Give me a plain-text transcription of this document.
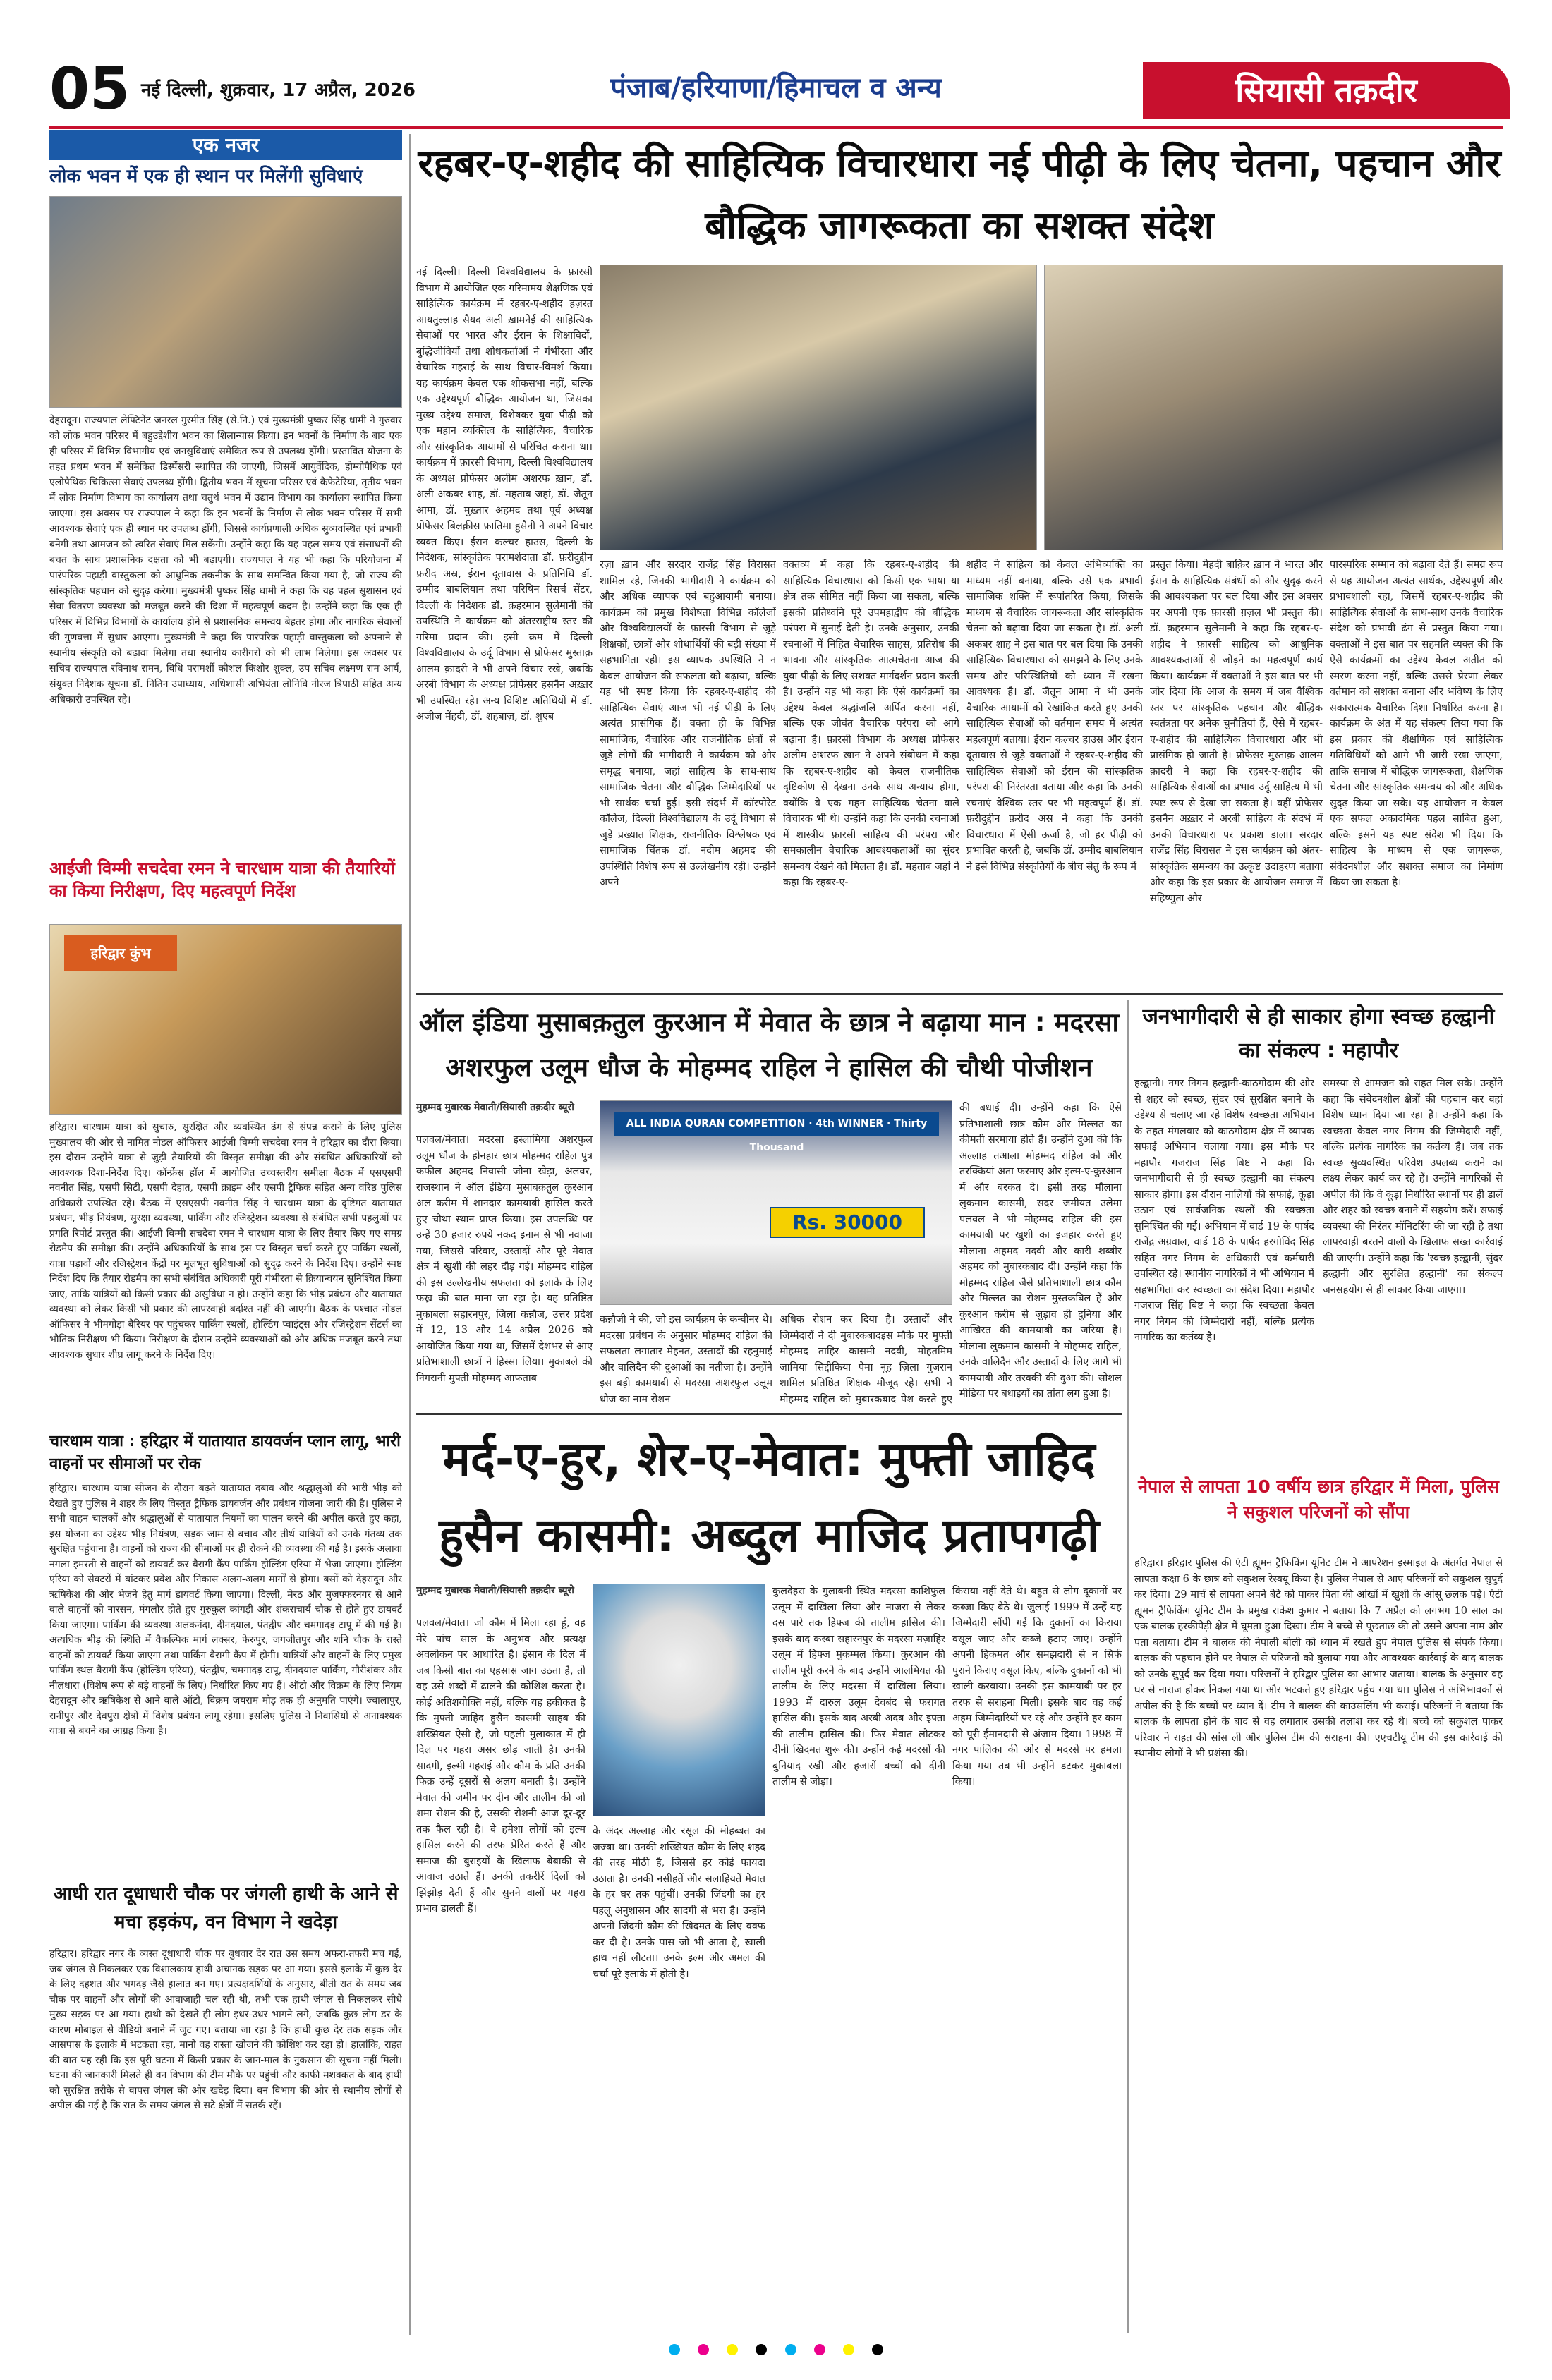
05 नई दिल्ली, शुक्रवार, 17 अप्रैल, 2026	पंजाब/हरियाणा/हिमाचल व अन्य	सियासी तक़दीर
एक नजर
लोक भवन में एक ही स्थान पर मिलेंगी सुविधाएं
देहरादून। राज्यपाल लेफ्टिनेंट जनरल गुरमीत सिंह (से.नि.) एवं मुख्यमंत्री पुष्कर सिंह धामी ने गुरुवार को लोक भवन परिसर में बहुउद्देशीय भवन का शिलान्यास किया। इन भवनों के निर्माण के बाद एक ही परिसर में विभिन्न विभागीय एवं जनसुविधाएं समेकित रूप से उपलब्ध होंगी। प्रस्तावित योजना के तहत प्रथम भवन में समेकित डिस्पेंसरी स्थापित की जाएगी, जिसमें आयुर्वेदिक, होम्योपैथिक एवं एलोपैथिक चिकित्सा सेवाएं उपलब्ध होंगी। द्वितीय भवन में सूचना परिसर एवं कैफेटेरिया, तृतीय भवन में लोक निर्माण विभाग का कार्यालय तथा चतुर्थ भवन में उद्यान विभाग का कार्यालय स्थापित किया जाएगा। इस अवसर पर राज्यपाल ने कहा कि इन भवनों के निर्माण से लोक भवन परिसर में सभी आवश्यक सेवाएं एक ही स्थान पर उपलब्ध होंगी, जिससे कार्यप्रणाली अधिक सुव्यवस्थित एवं प्रभावी बनेगी तथा आमजन को त्वरित सेवाएं मिल सकेंगी। उन्होंने कहा कि यह पहल समय एवं संसाधनों की बचत के साथ प्रशासनिक दक्षता को भी बढ़ाएगी। राज्यपाल ने यह भी कहा कि परियोजना में पारंपरिक पहाड़ी वास्तुकला को आधुनिक तकनीक के साथ समन्वित किया गया है, जो राज्य की सांस्कृतिक पहचान को सुदृढ़ करेगा। मुख्यमंत्री पुष्कर सिंह धामी ने कहा कि यह पहल सुशासन एवं सेवा वितरण व्यवस्था को मजबूत करने की दिशा में महत्वपूर्ण कदम है। उन्होंने कहा कि एक ही परिसर में विभिन्न विभागों के कार्यालय होने से प्रशासनिक समन्वय बेहतर होगा और नागरिक सेवाओं की गुणवत्ता में सुधार आएगा। मुख्यमंत्री ने कहा कि पारंपरिक पहाड़ी वास्तुकला को अपनाने से स्थानीय संस्कृति को बढ़ावा मिलेगा तथा स्थानीय कारीगरों को भी लाभ मिलेगा। इस अवसर पर सचिव राज्यपाल रविनाथ रामन, विधि परामर्शी कौशल किशोर शुक्ल, उप सचिव लक्ष्मण राम आर्य, संयुक्त निदेशक सूचना डॉ. नितिन उपाध्याय, अधिशासी अभियंता लोनिवि नीरज त्रिपाठी सहित अन्य अधिकारी उपस्थित रहे।
आईजी विम्मी सचदेवा रमन ने चारधाम यात्रा की तैयारियों का किया निरीक्षण, दिए महत्वपूर्ण निर्देश
हरिद्वार कुंभ
हरिद्वार। चारधाम यात्रा को सुचारु, सुरक्षित और व्यवस्थित ढंग से संपन्न कराने के लिए पुलिस मुख्यालय की ओर से नामित नोडल ऑफिसर आईजी विम्मी सचदेवा रमन ने हरिद्वार का दौरा किया। इस दौरान उन्होंने यात्रा से जुड़ी तैयारियों की विस्तृत समीक्षा की और संबंधित अधिकारियों को आवश्यक दिशा-निर्देश दिए। कॉन्फ्रेंस हॉल में आयोजित उच्चस्तरीय समीक्षा बैठक में एसएसपी नवनीत सिंह, एसपी सिटी, एसपी देहात, एसपी क्राइम और एसपी ट्रैफिक सहित अन्य वरिष्ठ पुलिस अधिकारी उपस्थित रहे। बैठक में एसएसपी नवनीत सिंह ने चारधाम यात्रा के दृष्टिगत यातायात प्रबंधन, भीड़ नियंत्रण, सुरक्षा व्यवस्था, पार्किंग और रजिस्ट्रेशन व्यवस्था से संबंधित सभी पहलुओं पर प्रगति रिपोर्ट प्रस्तुत की। आईजी विम्मी सचदेवा रमन ने चारधाम यात्रा के लिए तैयार किए गए समग्र रोडमैप की समीक्षा की। उन्होंने अधिकारियों के साथ इस पर विस्तृत चर्चा करते हुए पार्किंग स्थलों, यात्रा पड़ावों और रजिस्ट्रेशन केंद्रों पर मूलभूत सुविधाओं को सुदृढ़ करने के निर्देश दिए। उन्होंने स्पष्ट निर्देश दिए कि तैयार रोडमैप का सभी संबंधित अधिकारी पूरी गंभीरता से क्रियान्वयन सुनिश्चित किया जाए, ताकि यात्रियों को किसी प्रकार की असुविधा न हो। उन्होंने कहा कि भीड़ प्रबंधन और यातायात व्यवस्था को लेकर किसी भी प्रकार की लापरवाही बर्दाश्त नहीं की जाएगी। बैठक के पश्चात नोडल ऑफिसर ने भीमगोड़ा बैरियर पर पहुंचकर पार्किंग स्थलों, होल्डिंग प्वाइंट्स और रजिस्ट्रेशन सेंटर्स का भौतिक निरीक्षण भी किया। निरीक्षण के दौरान उन्होंने व्यवस्थाओं को और अधिक मजबूत करने तथा आवश्यक सुधार शीघ्र लागू करने के निर्देश दिए।
चारधाम यात्रा : हरिद्वार में यातायात डायवर्जन प्लान लागू, भारी वाहनों पर सीमाओं पर रोक
हरिद्वार। चारधाम यात्रा सीजन के दौरान बढ़ते यातायात दबाव और श्रद्धालुओं की भारी भीड़ को देखते हुए पुलिस ने शहर के लिए विस्तृत ट्रैफिक डायवर्जन और प्रबंधन योजना जारी की है। पुलिस ने सभी वाहन चालकों और श्रद्धालुओं से यातायात नियमों का पालन करने की अपील करते हुए कहा, इस योजना का उद्देश्य भीड़ नियंत्रण, सड़क जाम से बचाव और तीर्थ यात्रियों को उनके गंतव्य तक सुरक्षित पहुंचाना है। वाहनों को राज्य की सीमाओं पर ही रोकने की व्यवस्था की गई है। इसके अलावा नगला इमरती से वाहनों को डायवर्ट कर बैरागी कैंप पार्किंग होल्डिंग एरिया में भेजा जाएगा। होल्डिंग एरिया को सेक्टरों में बांटकर प्रवेश और निकास अलग-अलग मार्गों से होगा। बसों को देहरादून और ऋषिकेश की ओर भेजने हेतु मार्ग डायवर्ट किया जाएगा। दिल्ली, मेरठ और मुजफ्फरनगर से आने वाले वाहनों को नारसन, मंगलौर होते हुए गुरुकुल कांगड़ी और शंकराचार्य चौक से होते हुए डायवर्ट किया जाएगा। पार्किंग की व्यवस्था अलकनंदा, दीनदयाल, पंतद्वीप और चमगादड़ टापू में की गई है। अत्यधिक भीड़ की स्थिति में वैकल्पिक मार्ग लक्सर, फेरुपुर, जगजीतपुर और शनि चौक के रास्ते वाहनों को डायवर्ट किया जाएगा तथा पार्किंग बैरागी कैंप में होगी। यात्रियों और वाहनों के लिए प्रमुख पार्किंग स्थल बैरागी कैंप (होल्डिंग एरिया), पंतद्वीप, चमगादड़ टापू, दीनदयाल पार्किंग, गौरीशंकर और नीलधारा (विशेष रूप से बड़े वाहनों के लिए) निर्धारित किए गए हैं। ऑटो और विक्रम के लिए नियम देहरादून और ऋषिकेश से आने वाले ऑटो, विक्रम जयराम मोड़ तक ही अनुमति पाएंगे। ज्वालापुर, रानीपुर और देवपुरा क्षेत्रों में विशेष प्रबंधन लागू रहेगा। इसलिए पुलिस ने निवासियों से अनावश्यक यात्रा से बचने का आग्रह किया है।
आधी रात दूधाधारी चौक पर जंगली हाथी के आने से मचा हड़कंप, वन विभाग ने खदेड़ा
हरिद्वार। हरिद्वार नगर के व्यस्त दूधाधारी चौक पर बुधवार देर रात उस समय अफरा-तफरी मच गई, जब जंगल से निकलकर एक विशालकाय हाथी अचानक सड़क पर आ गया। इससे इलाके में कुछ देर के लिए दहशत और भगदड़ जैसे हालात बन गए। प्रत्यक्षदर्शियों के अनुसार, बीती रात के समय जब चौक पर वाहनों और लोगों की आवाजाही चल रही थी, तभी एक हाथी जंगल से निकलकर सीधे मुख्य सड़क पर आ गया। हाथी को देखते ही लोग इधर-उधर भागने लगे, जबकि कुछ लोग डर के कारण मोबाइल से वीडियो बनाने में जुट गए। बताया जा रहा है कि हाथी कुछ देर तक सड़क और आसपास के इलाके में भटकता रहा, मानो वह रास्ता खोजने की कोशिश कर रहा हो। हालांकि, राहत की बात यह रही कि इस पूरी घटना में किसी प्रकार के जान-माल के नुकसान की सूचना नहीं मिली। घटना की जानकारी मिलते ही वन विभाग की टीम मौके पर पहुंची और काफी मशक्कत के बाद हाथी को सुरक्षित तरीके से वापस जंगल की ओर खदेड़ दिया। वन विभाग की ओर से स्थानीय लोगों से अपील की गई है कि रात के समय जंगल से सटे क्षेत्रों में सतर्क रहें।
रहबर-ए-शहीद की साहित्यिक विचारधारा नई पीढ़ी के लिए चेतना, पहचान और बौद्धिक जागरूकता का सशक्त संदेश
नई दिल्ली। दिल्ली विश्वविद्यालय के फ़ारसी विभाग में आयोजित एक गरिमामय शैक्षणिक एवं साहित्यिक कार्यक्रम में रहबर-ए-शहीद हज़रत आयतुल्लाह सैयद अली ख़ामनेई की साहित्यिक सेवाओं पर भारत और ईरान के शिक्षाविदों, बुद्धिजीवियों तथा शोधकर्ताओं ने गंभीरता और वैचारिक गहराई के साथ विचार-विमर्श किया। यह कार्यक्रम केवल एक शोकसभा नहीं, बल्कि एक उद्देश्यपूर्ण बौद्धिक आयोजन था, जिसका मुख्य उद्देश्य समाज, विशेषकर युवा पीढ़ी को एक महान व्यक्तित्व के साहित्यिक, वैचारिक और सांस्कृतिक आयामों से परिचित कराना था। कार्यक्रम में फ़ारसी विभाग, दिल्ली विश्वविद्यालय के अध्यक्ष प्रोफेसर अलीम अशरफ ख़ान, डॉ. अली अकबर शाह, डॉ. महताब जहां, डॉ. जैतून आमा, डॉ. मुख़्तार अहमद तथा पूर्व अध्यक्ष प्रोफेसर बिलक़ीस फ़ातिमा हुसैनी ने अपने विचार व्यक्त किए। ईरान कल्चर हाउस, दिल्ली के निदेशक, सांस्कृतिक परामर्शदाता डॉ. फ़रीदुद्दीन फ़रीद अस्र, ईरान दूतावास के प्रतिनिधि डॉ. उम्मीद बाबलियान तथा परिषिन रिसर्च सेंटर, दिल्ली के निदेशक डॉ. क़हरमान सुलेमानी की उपस्थिति ने कार्यक्रम को अंतरराष्ट्रीय स्तर की गरिमा प्रदान की। इसी क्रम में दिल्ली विश्वविद्यालय के उर्दू विभाग से प्रोफेसर मुस्ताक़ आलम क़ादरी ने भी अपने विचार रखे, जबकि अरबी विभाग के अध्यक्ष प्रोफेसर हसनैन अख़्तर भी उपस्थित रहे। अन्य विशिष्ट अतिथियों में डॉ. अजीज़ मेंहदी, डॉ. शहबाज़, डॉ. शुएब
रज़ा ख़ान और सरदार राजेंद्र सिंह विरासत शामिल रहे, जिनकी भागीदारी ने कार्यक्रम को और अधिक व्यापक एवं बहुआयामी बनाया। कार्यक्रम को प्रमुख विशेषता विभिन्न कॉलेजों और विश्वविद्यालयों के फ़ारसी विभाग से जुड़े शिक्षकों, छात्रों और शोधार्थियों की बड़ी संख्या में सहभागिता रही। इस व्यापक उपस्थिति ने न केवल आयोजन की सफलता को बढ़ाया, बल्कि यह भी स्पष्ट किया कि रहबर-ए-शहीद की साहित्यिक सेवाएं आज भी नई पीढ़ी के लिए अत्यंत प्रासंगिक हैं। वक्ता ही के विभिन्न सामाजिक, वैचारिक और राजनीतिक क्षेत्रों से जुड़े लोगों की भागीदारी ने कार्यक्रम को और समृद्ध बनाया, जहां साहित्य के साथ-साथ सामाजिक चेतना और बौद्धिक जिम्मेदारियों पर भी सार्थक चर्चा हुई। इसी संदर्भ में कॉरपोरेट कॉलेज, दिल्ली विश्वविद्यालय के उर्दू विभाग से जुड़े प्रख्यात शिक्षक, राजनीतिक विश्लेषक एवं सामाजिक चिंतक डॉ. नदीम अहमद की उपस्थिति विशेष रूप से उल्लेखनीय रही। उन्होंने अपने
वक्तव्य में कहा कि रहबर-ए-शहीद की साहित्यिक विचारधारा को किसी एक भाषा या क्षेत्र तक सीमित नहीं किया जा सकता, बल्कि इसकी प्रतिध्वनि पूरे उपमहाद्वीप की बौद्धिक परंपरा में सुनाई देती है। उनके अनुसार, उनकी रचनाओं में निहित वैचारिक साहस, प्रतिरोध की भावना और सांस्कृतिक आत्मचेतना आज की युवा पीढ़ी के लिए सशक्त मार्गदर्शन प्रदान करती है। उन्होंने यह भी कहा कि ऐसे कार्यक्रमों का उद्देश्य केवल श्रद्धांजलि अर्पित करना नहीं, बल्कि एक जीवंत वैचारिक परंपरा को आगे बढ़ाना है। फ़ारसी विभाग के अध्यक्ष प्रोफेसर अलीम अशरफ ख़ान ने अपने संबोधन में कहा कि रहबर-ए-शहीद को केवल राजनीतिक दृष्टिकोण से देखना उनके साथ अन्याय होगा, क्योंकि वे एक गहन साहित्यिक चेतना वाले विचारक भी थे। उन्होंने कहा कि उनकी रचनाओं में शास्त्रीय फ़ारसी साहित्य की परंपरा और समकालीन वैचारिक आवश्यकताओं का सुंदर समन्वय देखने को मिलता है। डॉ. महताब जहां ने कहा कि रहबर-ए-
शहीद ने साहित्य को केवल अभिव्यक्ति का माध्यम नहीं बनाया, बल्कि उसे एक प्रभावी सामाजिक शक्ति में रूपांतरित किया, जिसके माध्यम से वैचारिक जागरूकता और सांस्कृतिक चेतना को बढ़ावा दिया जा सकता है। डॉ. अली अकबर शाह ने इस बात पर बल दिया कि उनकी साहित्यिक विचारधारा को समझने के लिए उनके समय और परिस्थितियों को ध्यान में रखना आवश्यक है। डॉ. जैतून आमा ने भी उनके वैचारिक आयामों को रेखांकित करते हुए उनकी साहित्यिक सेवाओं को वर्तमान समय में अत्यंत महत्वपूर्ण बताया। ईरान कल्चर हाउस और ईरान दूतावास से जुड़े वक्ताओं ने रहबर-ए-शहीद की साहित्यिक सेवाओं को ईरान की सांस्कृतिक परंपरा की निरंतरता बताया और कहा कि उनकी रचनाएं वैश्विक स्तर पर भी महत्वपूर्ण हैं। डॉ. फ़रीदुद्दीन फ़रीद अस्र ने कहा कि उनकी विचारधारा में ऐसी ऊर्जा है, जो हर पीढ़ी को प्रभावित करती है, जबकि डॉ. उम्मीद बाबलियान ने इसे विभिन्न संस्कृतियों के बीच सेतु के रूप में
प्रस्तुत किया। मेहदी बाक़िर ख़ान ने भारत और ईरान के साहित्यिक संबंधों को और सुदृढ़ करने की आवश्यकता पर बल दिया और इस अवसर पर अपनी एक फ़ारसी ग़ज़ल भी प्रस्तुत की। डॉ. क़हरमान सुलेमानी ने कहा कि रहबर-ए-शहीद ने फ़ारसी साहित्य को आधुनिक आवश्यकताओं से जोड़ने का महत्वपूर्ण कार्य किया। कार्यक्रम में वक्ताओं ने इस बात पर भी जोर दिया कि आज के समय में जब वैश्विक स्तर पर सांस्कृतिक पहचान और बौद्धिक स्वतंत्रता पर अनेक चुनौतियां हैं, ऐसे में रहबर-ए-शहीद की साहित्यिक विचारधारा और भी प्रासंगिक हो जाती है। प्रोफेसर मुस्ताक़ आलम क़ादरी ने कहा कि रहबर-ए-शहीद की साहित्यिक सेवाओं का प्रभाव उर्दू साहित्य में भी स्पष्ट रूप से देखा जा सकता है। वहीं प्रोफेसर हसनैन अख़्तर ने अरबी साहित्य के संदर्भ में उनकी विचारधारा पर प्रकाश डाला। सरदार राजेंद्र सिंह विरासत ने इस कार्यक्रम को अंतर-सांस्कृतिक समन्वय का उत्कृष्ट उदाहरण बताया और कहा कि इस प्रकार के आयोजन समाज में सहिष्णुता और
पारस्परिक सम्मान को बढ़ावा देते हैं। समग्र रूप से यह आयोजन अत्यंत सार्थक, उद्देश्यपूर्ण और प्रभावशाली रहा, जिसमें रहबर-ए-शहीद की साहित्यिक सेवाओं के साथ-साथ उनके वैचारिक संदेश को प्रभावी ढंग से प्रस्तुत किया गया। वक्ताओं ने इस बात पर सहमति व्यक्त की कि ऐसे कार्यक्रमों का उद्देश्य केवल अतीत को स्मरण करना नहीं, बल्कि उससे प्रेरणा लेकर वर्तमान को सशक्त बनाना और भविष्य के लिए सकारात्मक वैचारिक दिशा निर्धारित करना है। कार्यक्रम के अंत में यह संकल्प लिया गया कि इस प्रकार की शैक्षणिक एवं साहित्यिक गतिविधियों को आगे भी जारी रखा जाएगा, ताकि समाज में बौद्धिक जागरूकता, शैक्षणिक चेतना और सांस्कृतिक समन्वय को और अधिक सुदृढ़ किया जा सके। यह आयोजन न केवल एक सफल अकादमिक पहल साबित हुआ, बल्कि इसने यह स्पष्ट संदेश भी दिया कि साहित्य के माध्यम से एक जागरूक, संवेदनशील और सशक्त समाज का निर्माण किया जा सकता है।
ऑल इंडिया मुसाबक़तुल कुरआन में मेवात के छात्र ने बढ़ाया मान : मदरसा अशरफुल उलूम धौज के मोहम्मद राहिल ने हासिल की चौथी पोजीशन
मुहम्मद मुबारक मेवाती/सियासी तक़दीर ब्यूरो
पलवल/मेवात। मदरसा इस्लामिया अशरफुल उलूम धौज के होनहार छात्र मोहम्मद राहिल पुत्र कफील अहमद निवासी जोना खेड़ा, अलवर, राजस्थान ने ऑल इंडिया मुसाबक़तुल क़ुरआन अल करीम में शानदार कामयाबी हासिल करते हुए चौथा स्थान प्राप्त किया। इस उपलब्धि पर उन्हें 30 हजार रुपये नकद इनाम से भी नवाजा गया, जिससे परिवार, उस्तादों और पूरे मेवात क्षेत्र में खुशी की लहर दौड़ गई। मोहम्मद राहिल की इस उल्लेखनीय सफलता को इलाके के लिए फख्र की बात माना जा रहा है। यह प्रतिष्ठित मुकाबला सहारनपुर, जिला कन्नौज, उत्तर प्रदेश में 12, 13 और 14 अप्रैल 2026 को आयोजित किया गया था, जिसमें देशभर से आए प्रतिभाशाली छात्रों ने हिस्सा लिया। मुकाबले की निगरानी मुफ्ती मोहम्मद आफताब
ALL INDIA QURAN COMPETITION · 4th WINNER · Thirty Thousand
Rs. 30000
कन्नौजी ने की, जो इस कार्यक्रम के कन्वीनर थे। मदरसा प्रबंधन के अनुसार मोहम्मद राहिल की सफलता लगातार मेहनत, उस्तादों की रहनुमाई और वालिदैन की दुआओं का नतीजा है। उन्होंने इस बड़ी कामयाबी से मदरसा अशरफुल उलूम धौज का नाम रोशन
अधिक रोशन कर दिया है। उस्तादों और जिम्मेदारों ने दी मुबारकबादइस मौके पर मुफ्ती मोहम्मद ताहिर कासमी नदवी, मोहतमिम जामिया सिद्दीकिया पेमा नूह ज़िला गुजरान शामिल प्रतिष्ठित शिक्षक मौजूद रहे। सभी ने मोहम्मद राहिल को मुबारकबाद पेश करते हुए
की बधाई दी। उन्होंने कहा कि ऐसे प्रतिभाशाली छात्र कौम और मिल्लत का कीमती सरमाया होते हैं। उन्होंने दुआ की कि अल्लाह तआला मोहम्मद राहिल को और तरक्कियां अता फरमाए और इल्म-ए-कुरआन में और बरकत दे। इसी तरह मौलाना लुकमान कासमी, सदर जमीयत उलेमा पलवल ने भी मोहम्मद राहिल की इस कामयाबी पर खुशी का इजहार करते हुए मौलाना अहमद नदवी और कारी शब्बीर अहमद को मुबारकबाद दी। उन्होंने कहा कि मोहम्मद राहिल जैसे प्रतिभाशाली छात्र कौम और मिल्लत का रोशन मुस्तकबिल हैं और कुरआन करीम से जुड़ाव ही दुनिया और आखिरत की कामयाबी का जरिया है। मौलाना लुकमान कासमी ने मोहम्मद राहिल, उनके वालिदैन और उस्तादों के लिए आगे भी कामयाबी और तरक्की की दुआ की। सोशल मीडिया पर बधाइयों का तांता लग हुआ है।
जनभागीदारी से ही साकार होगा स्वच्छ हल्द्वानी का संकल्प : महापौर
हल्द्वानी। नगर निगम हल्द्वानी-काठगोदाम की ओर से शहर को स्वच्छ, सुंदर एवं सुरक्षित बनाने के उद्देश्य से चलाए जा रहे विशेष स्वच्छता अभियान के तहत मंगलवार को काठगोदाम क्षेत्र में व्यापक सफाई अभियान चलाया गया। इस मौके पर महापौर गजराज सिंह बिष्ट ने कहा कि जनभागीदारी से ही स्वच्छ हल्द्वानी का संकल्प साकार होगा। इस दौरान नालियों की सफाई, कूड़ा उठान एवं सार्वजनिक स्थलों की स्वच्छता सुनिश्चित की गई। अभियान में वार्ड 19 के पार्षद राजेंद्र अग्रवाल, वार्ड 18 के पार्षद हरगोविंद सिंह सहित नगर निगम के अधिकारी एवं कर्मचारी उपस्थित रहे। स्थानीय नागरिकों ने भी अभियान में सहभागिता कर स्वच्छता का संदेश दिया। महापौर गजराज सिंह बिष्ट ने कहा कि स्वच्छता केवल नगर निगम की जिम्मेदारी नहीं, बल्कि प्रत्येक नागरिक का कर्तव्य है।
समस्या से आमजन को राहत मिल सके। उन्होंने कहा कि संवेदनशील क्षेत्रों की पहचान कर वहां विशेष ध्यान दिया जा रहा है। उन्होंने कहा कि स्वच्छता केवल नगर निगम की जिम्मेदारी नहीं, बल्कि प्रत्येक नागरिक का कर्तव्य है। जब तक स्वच्छ सुव्यवस्थित परिवेश उपलब्ध कराने का लक्ष्य लेकर कार्य कर रहे हैं। उन्होंने नागरिकों से अपील की कि वे कूड़ा निर्धारित स्थानों पर ही डालें और शहर को स्वच्छ बनाने में सहयोग करें। सफाई व्यवस्था की निरंतर मॉनिटरिंग की जा रही है तथा लापरवाही बरतने वालों के खिलाफ सख्त कार्रवाई की जाएगी। उन्होंने कहा कि 'स्वच्छ हल्द्वानी, सुंदर हल्द्वानी और सुरक्षित हल्द्वानी' का संकल्प जनसहयोग से ही साकार किया जाएगा।
नेपाल से लापता 10 वर्षीय छात्र हरिद्वार में मिला, पुलिस ने सकुशल परिजनों को सौंपा
हरिद्वार। हरिद्वार पुलिस की एंटी ह्यूमन ट्रैफिकिंग यूनिट टीम ने आपरेशन इस्माइल के अंतर्गत नेपाल से लापता कक्षा 6 के छात्र को सकुशल रेस्क्यू किया है। पुलिस नेपाल से आए परिजनों को सकुशल सुपुर्द कर दिया। 29 मार्च से लापता अपने बेटे को पाकर पिता की आंखों में खुशी के आंसू छलक पड़े। एंटी ह्यूमन ट्रैफिकिंग यूनिट टीम के प्रमुख राकेश कुमार ने बताया कि 7 अप्रैल को लगभग 10 साल का एक बालक हरकीपैड़ी क्षेत्र में घूमता हुआ दिखा। टीम ने बच्चे से पूछताछ की तो उसने अपना नाम और पता बताया। टीम ने बालक की नेपाली बोली को ध्यान में रखते हुए नेपाल पुलिस से संपर्क किया। बालक की पहचान होने पर नेपाल से परिजनों को बुलाया गया और आवश्यक कार्रवाई के बाद बालक को उनके सुपुर्द कर दिया गया। परिजनों ने हरिद्वार पुलिस का आभार जताया। बालक के अनुसार वह घर से नाराज होकर निकल गया था और भटकते हुए हरिद्वार पहुंच गया था। पुलिस ने अभिभावकों से अपील की है कि बच्चों पर ध्यान दें। टीम ने बालक की काउंसलिंग भी कराई। परिजनों ने बताया कि बालक के लापता होने के बाद से वह लगातार उसकी तलाश कर रहे थे। बच्चे को सकुशल पाकर परिवार ने राहत की सांस ली और पुलिस टीम की सराहना की। एएचटीयू टीम की इस कार्रवाई की स्थानीय लोगों ने भी प्रशंसा की।
मर्द-ए-हुर, शेर-ए-मेवात: मुफ्ती जाहिद हुसैन कासमी: अब्दुल माजिद प्रतापगढ़ी
मुहम्मद मुबारक मेवाती/सियासी तक़दीर ब्यूरो
पलवल/मेवात। जो कौम में मिला रहा हूं, वह मेरे पांच साल के अनुभव और प्रत्यक्ष अवलोकन पर आधारित है। इंसान के दिल में जब किसी बात का एहसास जाग उठता है, तो वह उसे शब्दों में ढालने की कोशिश करता है। कोई अतिशयोक्ति नहीं, बल्कि यह हकीकत है कि मुफ्ती जाहिद हुसैन कासमी साहब की शख्सियत ऐसी है, जो पहली मुलाकात में ही दिल पर गहरा असर छोड़ जाती है। उनकी सादगी, इल्मी गहराई और कौम के प्रति उनकी फिक्र उन्हें दूसरों से अलग बनाती है। उन्होंने मेवात की जमीन पर दीन और तालीम की जो शमा रोशन की है, उसकी रोशनी आज दूर-दूर तक फैल रही है। वे हमेशा लोगों को इल्म हासिल करने की तरफ प्रेरित करते हैं और समाज की बुराइयों के खिलाफ बेबाकी से आवाज उठाते हैं। उनकी तकरीरें दिलों को झिंझोड़ देती हैं और सुनने वालों पर गहरा प्रभाव डालती हैं।
के अंदर अल्लाह और रसूल की मोहब्बत का जज्बा था। उनकी शख्सियत कौम के लिए शहद की तरह मीठी है, जिससे हर कोई फायदा उठाता है। उनकी नसीहतें और सलाहियतें मेवात के हर घर तक पहुंचीं। उनकी जिंदगी का हर पहलू अनुशासन और सादगी से भरा है। उन्होंने अपनी जिंदगी कौम की खिदमत के लिए वक्फ कर दी है। उनके पास जो भी आता है, खाली हाथ नहीं लौटता। उनके इल्म और अमल की चर्चा पूरे इलाके में होती है।
कुलदेहरा के गुलाबनी स्थित मदरसा काशिफुल उलूम में दाखिला लिया और नाजरा से लेकर दस पारे तक हिफ्ज की तालीम हासिल की। इसके बाद कस्बा सहारनपुर के मदरसा मज़ाहिर उलूम में हिफ्ज मुकम्मल किया। कुरआन की तालीम पूरी करने के बाद उन्होंने आलमियत की तालीम के लिए मदरसा में दाखिला लिया। 1993 में दारुल उलूम देवबंद से फरागत हासिल की। इसके बाद अरबी अदब और इफ्ता की तालीम हासिल की। फिर मेवात लौटकर दीनी खिदमत शुरू की। उन्होंने कई मदरसों की बुनियाद रखी और हजारों बच्चों को दीनी तालीम से जोड़ा।
किराया नहीं देते थे। बहुत से लोग दूकानों पर कब्जा किए बैठे थे। जुलाई 1999 में उन्हें यह जिम्मेदारी सौंपी गई कि दुकानों का किराया वसूल जाए और कब्जे हटाए जाएं। उन्होंने अपनी हिकमत और समझदारी से न सिर्फ पुराने किराए वसूल किए, बल्कि दुकानों को भी खाली करवाया। उनकी इस कामयाबी पर हर तरफ से सराहना मिली। इसके बाद वह कई अहम जिम्मेदारियों पर रहे और उन्होंने हर काम को पूरी ईमानदारी से अंजाम दिया। 1998 में नगर पालिका की ओर से मदरसे पर हमला किया गया तब भी उन्होंने डटकर मुकाबला किया।
